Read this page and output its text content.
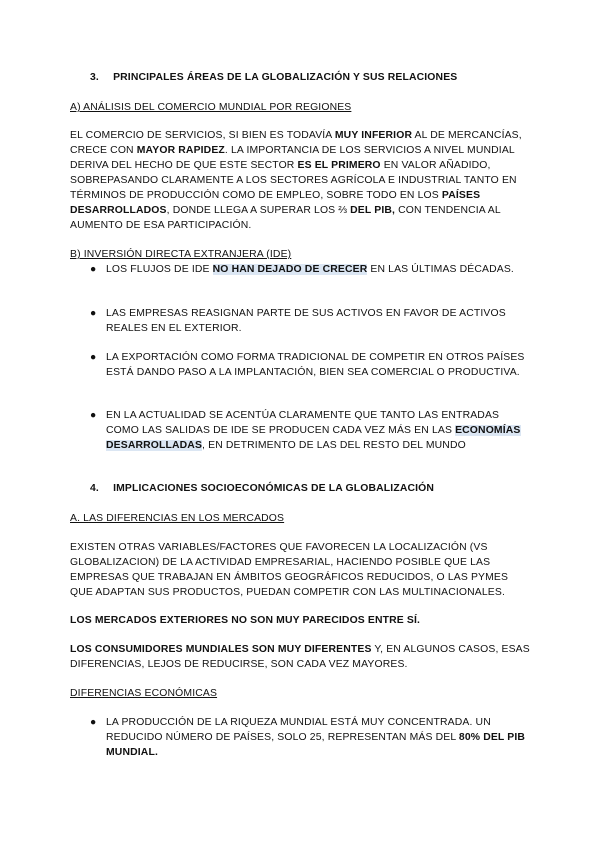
3. PRINCIPALES ÁREAS DE LA GLOBALIZACIÓN Y SUS RELACIONES
A) ANÁLISIS DEL COMERCIO MUNDIAL POR REGIONES
EL COMERCIO DE SERVICIOS, SI BIEN ES TODAVÍA MUY INFERIOR AL DE MERCANCÍAS, CRECE CON MAYOR RAPIDEZ. LA IMPORTANCIA DE LOS SERVICIOS A NIVEL MUNDIAL DERIVA DEL HECHO DE QUE ESTE SECTOR ES EL PRIMERO EN VALOR AÑADIDO, SOBREPASANDO CLARAMENTE A LOS SECTORES AGRÍCOLA E INDUSTRIAL TANTO EN TÉRMINOS DE PRODUCCIÓN COMO DE EMPLEO, SOBRE TODO EN LOS PAÍSES DESARROLLADOS, DONDE LLEGA A SUPERAR LOS ⅔ DEL PIB, CON TENDENCIA AL AUMENTO DE ESA PARTICIPACIÓN.
B) INVERSIÓN DIRECTA EXTRANJERA (IDE)
● LOS FLUJOS DE IDE NO HAN DEJADO DE CRECER EN LAS ÚLTIMAS DÉCADAS.
● LAS EMPRESAS REASIGNAN PARTE DE SUS ACTIVOS EN FAVOR DE ACTIVOS REALES EN EL EXTERIOR.
● LA EXPORTACIÓN COMO FORMA TRADICIONAL DE COMPETIR EN OTROS PAÍSES ESTÁ DANDO PASO A LA IMPLANTACIÓN, BIEN SEA COMERCIAL O PRODUCTIVA.
● EN LA ACTUALIDAD SE ACENTÚA CLARAMENTE QUE TANTO LAS ENTRADAS COMO LAS SALIDAS DE IDE SE PRODUCEN CADA VEZ MÁS EN LAS ECONOMÍAS DESARROLLADAS, EN DETRIMENTO DE LAS DEL RESTO DEL MUNDO
4. IMPLICACIONES SOCIOECONÓMICAS DE LA GLOBALIZACIÓN
A. LAS DIFERENCIAS EN LOS MERCADOS
EXISTEN OTRAS VARIABLES/FACTORES QUE FAVORECEN LA LOCALIZACIÓN (VS GLOBALIZACION) DE LA ACTIVIDAD EMPRESARIAL, HACIENDO POSIBLE QUE LAS EMPRESAS QUE TRABAJAN EN ÁMBITOS GEOGRÁFICOS REDUCIDOS, O LAS PYMES QUE ADAPTAN SUS PRODUCTOS, PUEDAN COMPETIR CON LAS MULTINACIONALES.
LOS MERCADOS EXTERIORES NO SON MUY PARECIDOS ENTRE SÍ.
LOS CONSUMIDORES MUNDIALES SON MUY DIFERENTES Y, EN ALGUNOS CASOS, ESAS DIFERENCIAS, LEJOS DE REDUCIRSE, SON CADA VEZ MAYORES.
DIFERENCIAS ECONÓMICAS
● LA PRODUCCIÓN DE LA RIQUEZA MUNDIAL ESTÁ MUY CONCENTRADA. UN REDUCIDO NÚMERO DE PAÍSES, SOLO 25, REPRESENTAN MÁS DEL 80% DEL PIB MUNDIAL.
